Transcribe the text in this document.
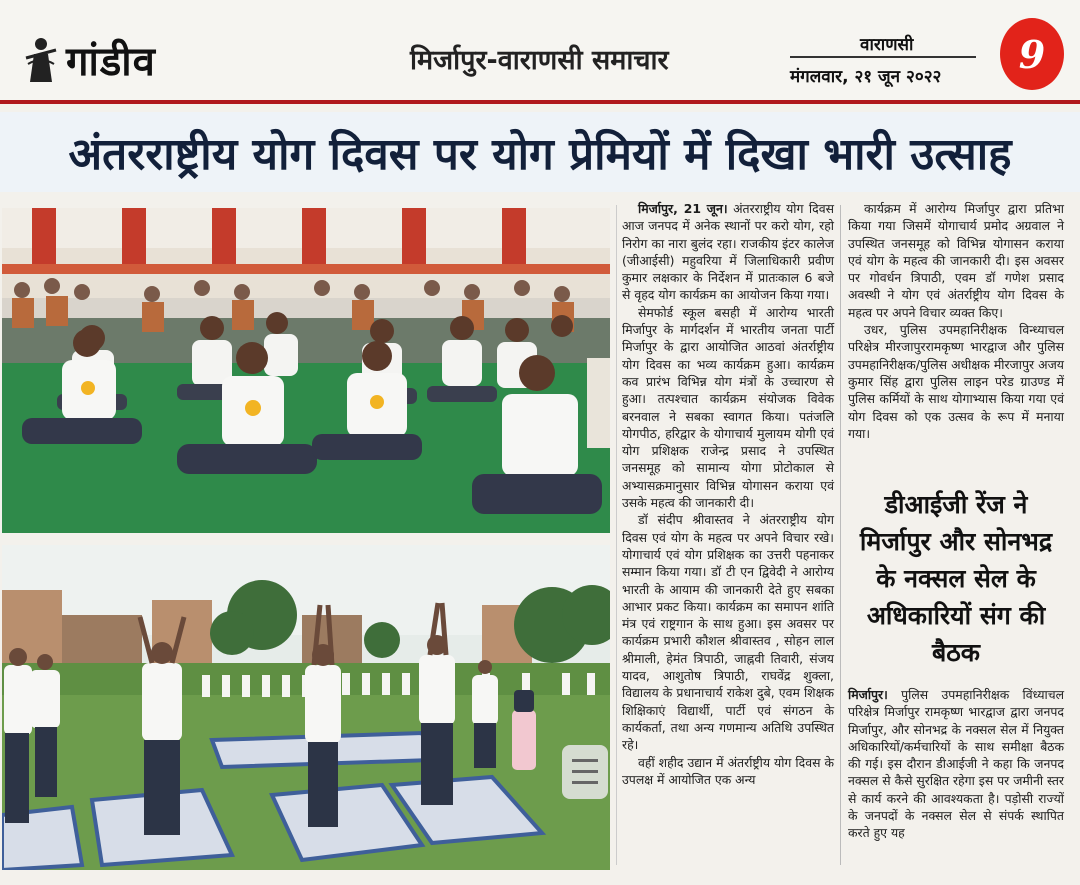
गांडीव	मिर्जापुर-वाराणसी समाचार	वाराणसी
मंगलवार, २१ जून २०२२
9
अंतरराष्ट्रीय योग दिवस पर योग प्रेमियों में दिखा भारी उत्साह

मिर्जापुर, 21 जून। अंतरराष्ट्रीय योग दिवस आज जनपद में अनेक स्थानों पर करो योग, रहो निरोग का नारा बुलंद रहा। राजकीय इंटर कालेज (जीआईसी) महुवरिया में जिलाधिकारी प्रवीण कुमार लक्षकार के निर्देशन में प्रातःकाल 6 बजे से वृहद योग कार्यक्रम का आयोजन किया गया।

सेमफोर्ड स्कूल बसही में आरोग्य भारती मिर्जापुर के मार्गदर्शन में भारतीय जनता पार्टी मिर्जापुर के द्वारा आयोजित आठवां अंतर्राष्ट्रीय योग दिवस का भव्य कार्यक्रम हुआ। कार्यक्रम कव प्रारंभ विभिन्न योग मंत्रों के उच्चारण से हुआ। तत्पश्चात कार्यक्रम संयोजक विवेक बरनवाल ने सबका स्वागत किया। पतंजलि योगपीठ, हरिद्वार के योगाचार्य मुलायम योगी एवं योग प्रशिक्षक राजेन्द्र प्रसाद ने उपस्थित जनसमूह को सामान्य योगा प्रोटोकाल से अभ्यासक्रमानुसार विभिन्न योगासन कराया एवं उसके महत्व की जानकारी दी।

डॉ संदीप श्रीवास्तव ने अंतरराष्ट्रीय योग दिवस एवं योग के महत्व पर अपने विचार रखे। योगाचार्य एवं योग प्रशिक्षक का उत्तरी पहनाकर सम्मान किया गया। डॉ टी एन द्विवेदी ने आरोग्य भारती के आयाम की जानकारी देते हुए सबका आभार प्रकट किया। कार्यक्रम का समापन शांति मंत्र एवं राष्ट्रगान के साथ हुआ। इस अवसर पर कार्यक्रम प्रभारी कौशल श्रीवास्तव , सोहन लाल श्रीमाली, हेमंत त्रिपाठी, जाह्नवी तिवारी, संजय यादव, आशुतोष त्रिपाठी, राघवेंद्र शुक्ला, विद्यालय के प्रधानाचार्य राकेश दुबे, एवम शिक्षक शिक्षिकाएं विद्यार्थी, पार्टी एवं संगठन के कार्यकर्ता, तथा अन्य गणमान्य अतिथि उपस्थित रहे।

वहीं शहीद उद्यान में अंतर्राष्ट्रीय योग दिवस के उपलक्ष में आयोजित एक अन्य

कार्यक्रम में आरोग्य मिर्जापुर द्वारा प्रतिभा किया गया जिसमें योगाचार्य प्रमोद अग्रवाल ने उपस्थित जनसमूह को विभिन्न योगासन कराया एवं योग के महत्व की जानकारी दी। इस अवसर पर गोवर्धन त्रिपाठी, एवम डॉ गणेश प्रसाद अवस्थी ने योग एवं अंतर्राष्ट्रीय योग दिवस के महत्व पर अपने विचार व्यक्त किए।

उधर, पुलिस उपमहानिरीक्षक विन्ध्याचल परिक्षेत्र मीरजापुररामकृष्ण भारद्वाज और पुलिस उपमहानिरीक्षक/पुलिस अधीक्षक मीरजापुर अजय कुमार सिंह द्वारा पुलिस लाइन परेड ग्राउण्ड में पुलिस कर्मियों के साथ योगाभ्यास किया गया एवं योग दिवस को एक उत्सव के रूप में मनाया गया।

डीआईजी रेंज ने मिर्जापुर और सोनभद्र के नक्सल सेल के अधिकारियों संग की बैठक

मिर्जापुर। पुलिस उपमहानिरीक्षक विंध्याचल परिक्षेत्र मिर्जापुर रामकृष्ण भारद्वाज द्वारा जनपद मिर्जापुर, और सोनभद्र के नक्सल सेल में नियुक्त अधिकारियों/कर्मचारियों के साथ समीक्षा बैठक की गई। इस दौरान डीआईजी ने कहा कि जनपद नक्सल से कैसे सुरक्षित रहेगा इस पर जमीनी स्तर से कार्य करने की आवश्यकता है। पड़ोसी राज्यों के जनपदों के नक्सल सेल से संपर्क स्थापित करते हुए यह
